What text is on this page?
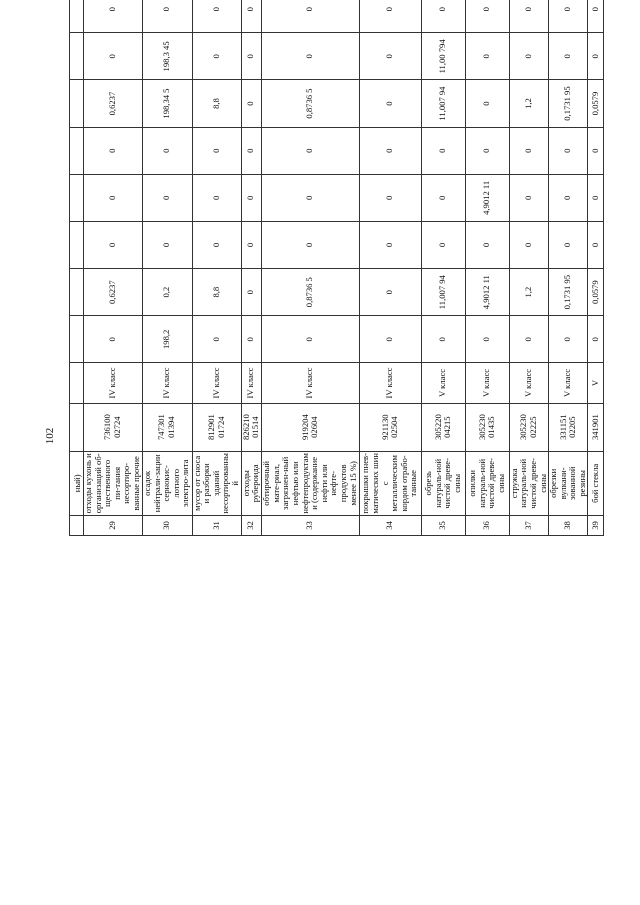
102
	ный)																
29	отходы кухонь и организаций об-щественного пи-тания несортиро-ванные прочие	736100 02724	IV класс	0	0,6237	0	0	0	0,6237	0	0						
30	осадок нейтрали-зации сернокис-лотного электро-лита	747301 01394	IV класс	198,2	0,2	0	0	0	198,34 5	198,3 45	0						
31	мусор от сноса и разборки зданий несортированный	812901 01724	IV класс	0	8,8	0	0	0	8,8	0	0						
32	отходы рубероида	826210 01514	IV класс	0	0	0	0	0	0	0	0						
33	обтирочный мате-риал, загрязнен-ный нефтью или нефтепродуктами (содержание нефти или нефте-продуктов менее 15 %)	919204 02604	IV класс	0	0,8736 5	0	0	0	0,8736 5	0	0						
34	покрышки пнев-матических шин с металлическим кордом отрабо-танные	921130 02504	IV класс	0	0	0	0	0	0	0	0						
35	обрезь натураль-ной чистой древе-сины	305220 04215	V класс	0	11,007 94	0	0	0	11,007 94	11,00 794	0						
36	опилки натураль-ной чистой древе-сины	305230 01435	V класс	0	4,9012 11	0	4,9012 11	0	0	0	0						
37	стружка натураль-ной чистой древе-сины	305230 02225	V класс	0	1,2	0	0	0	1,2	0	0						
38	обрезки вулкани-зованной резины	331151 02205	V класс	0	0,1731 95	0	0	0	0,1731 95	0	0						
39	бой стекла	341901	V	0	0,0579	0	0	0	0,0579	0	0						
